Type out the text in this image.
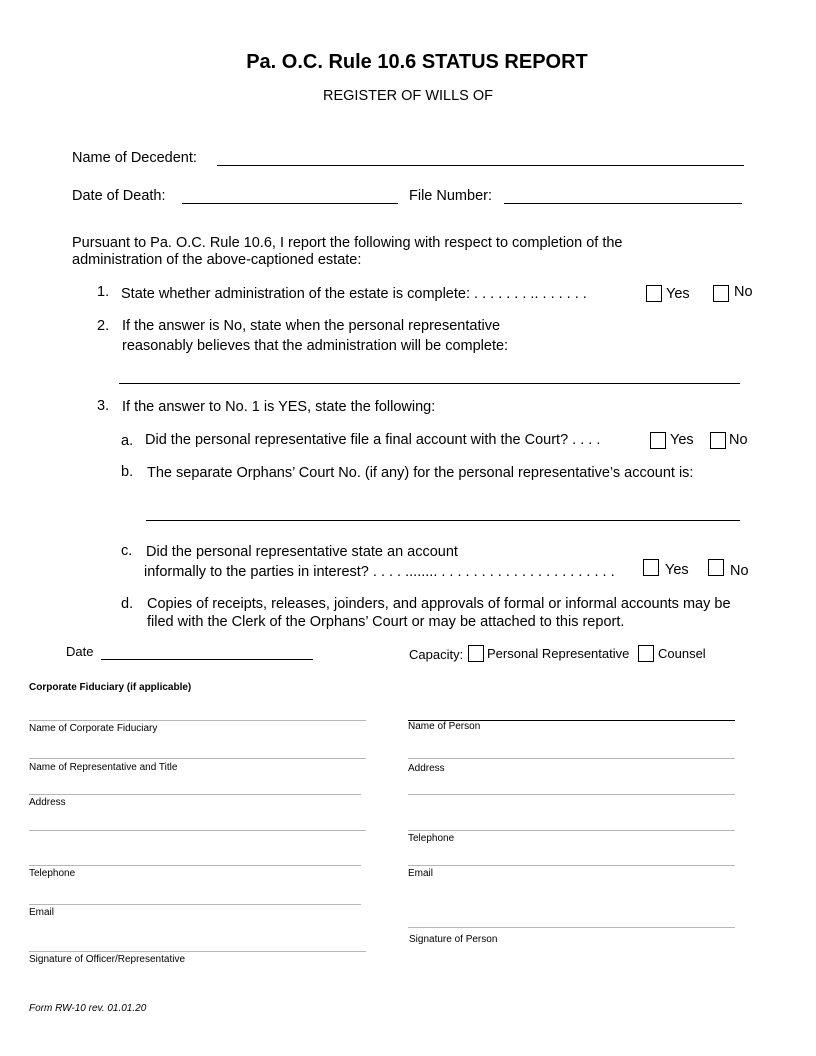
Pa. O.C. Rule 10.6 STATUS REPORT
REGISTER OF WILLS OF
Name of Decedent:
Date of Death:	File Number:
Pursuant to Pa. O.C. Rule 10.6, I report the following with respect to completion of the
administration of the above-captioned estate:
1. State whether administration of the estate is complete: . . . . . . . .. . . . . . .	Yes	No
2. If the answer is No, state when the personal representative
reasonably believes that the administration will be complete:
3. If the answer to No. 1 is YES, state the following:
a. Did the personal representative file a final account with the Court? . . . .	Yes No
b. The separate Orphans’ Court No. (if any) for the personal representative’s account is:
c. Did the personal representative state an account
informally to the parties in interest? . . . . ........ . . . . . . . . . . . . . . . . . . . . . .	Yes	No
d. Copies of receipts, releases, joinders, and approvals of formal or informal accounts may be
filed with the Clerk of the Orphans’ Court or may be attached to this report.
Date	Capacity: Personal Representative Counsel
Corporate Fiduciary (if applicable)
Name of Corporate Fiduciary
Name of Representative and Title
Address
Telephone
Email
Signature of Officer/Representative
Name of Person
Address
Telephone
Email
Signature of Person
Form RW-10 rev. 01.01.20
